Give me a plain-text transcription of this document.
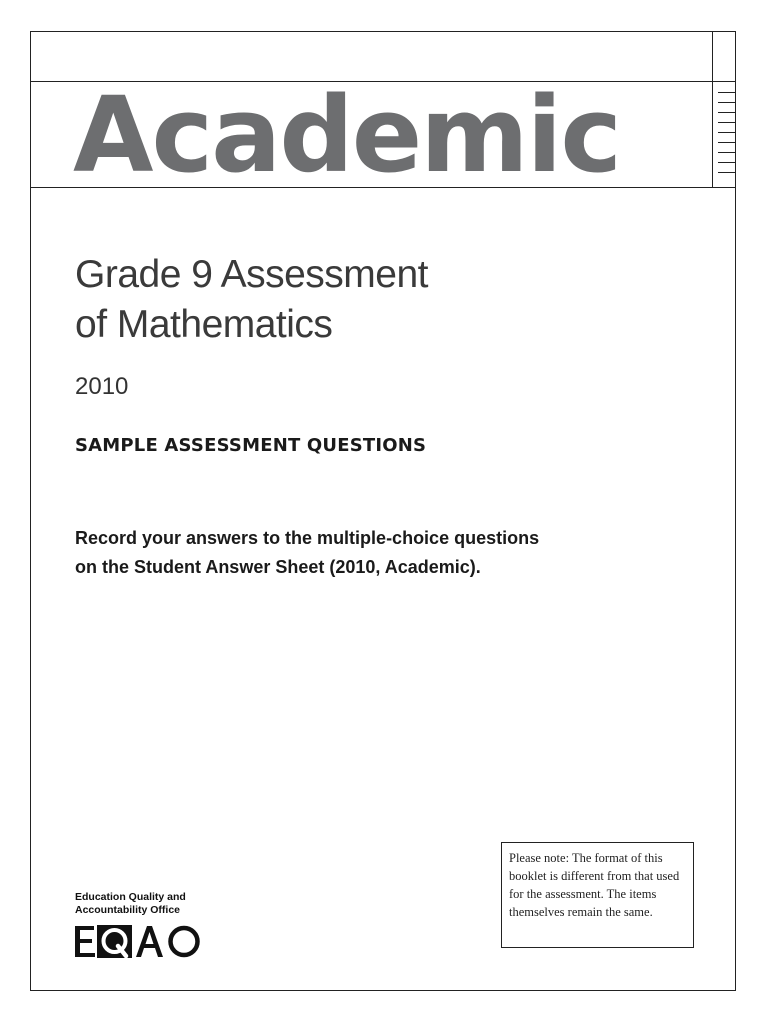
Academic
Grade 9 Assessment
of Mathematics
2010
SAMPLE ASSESSMENT QUESTIONS
Record your answers to the multiple-choice questions
on the Student Answer Sheet (2010, Academic).
Please note: The format of this booklet is different from that used for the assessment. The items themselves remain the same.
Education Quality and
Accountability Office
